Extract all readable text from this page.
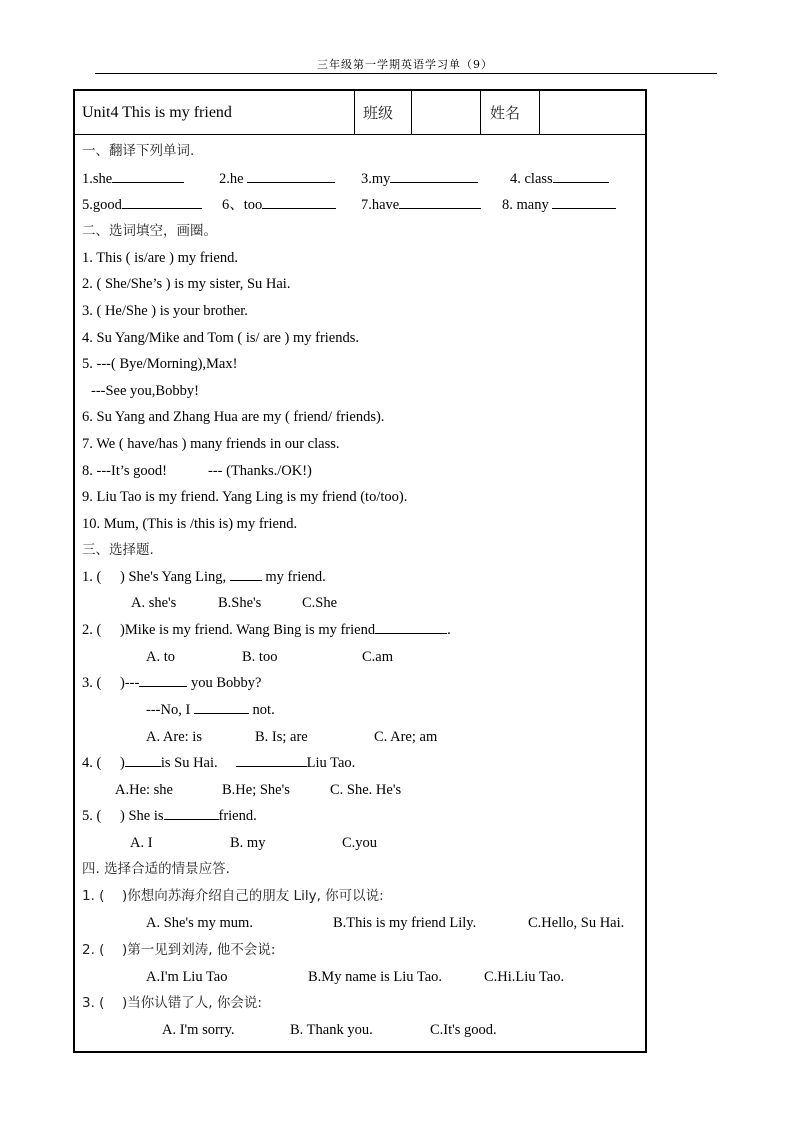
三年级第一学期英语学习单（9）
Unit4 This is my friend	班级	姓名
一、翻译下列单词.
1.she	2.he	3.my	4. class
5.good	6、too	7.have	8. many
二、选词填空，画圈。
1. This ( is/are ) my friend.
2. ( She/She’s ) is my sister, Su Hai.
3. ( He/She ) is your brother.
4. Su Yang/Mike and Tom ( is/ are ) my friends.
5. ---( Bye/Morning),Max!
---See you,Bobby!
6. Su Yang and Zhang Hua are my ( friend/ friends).
7. We ( have/has ) many friends in our class.
8. ---It’s good!	--- (Thanks./OK!)
9. Liu Tao is my friend. Yang Ling is my friend (to/too).
10. Mum, (This is /this is) my friend.
三、选择题.
1. ( ) She's Yang Ling,  my friend.
A. she's	B.She's	C.She
2. ( )Mike is my friend. Wang Bing is my friend	.
A. to	B. too	C.am
3. ( )---	you Bobby?
---No, I	not.
A. Are: is	B. Is; are	C. Are; am
4. ( ) is Su Hai.	Liu Tao.
A.He: she	B.He; She's	C. She. He's
5. ( ) She is	friend.
A. I	B. my	C.you
四. 选择合适的情景应答.
1. ( )你想向苏海介绍自己的朋友 Lily, 你可以说:
A. She's my mum.	B.This is my friend Lily.	C.Hello, Su Hai.
2. ( )第一见到刘涛, 他不会说:
A.I'm Liu Tao	B.My name is Liu Tao.	C.Hi.Liu Tao.
3. ( )当你认错了人, 你会说:
A. I'm sorry.	B. Thank you.	C.It's good.
